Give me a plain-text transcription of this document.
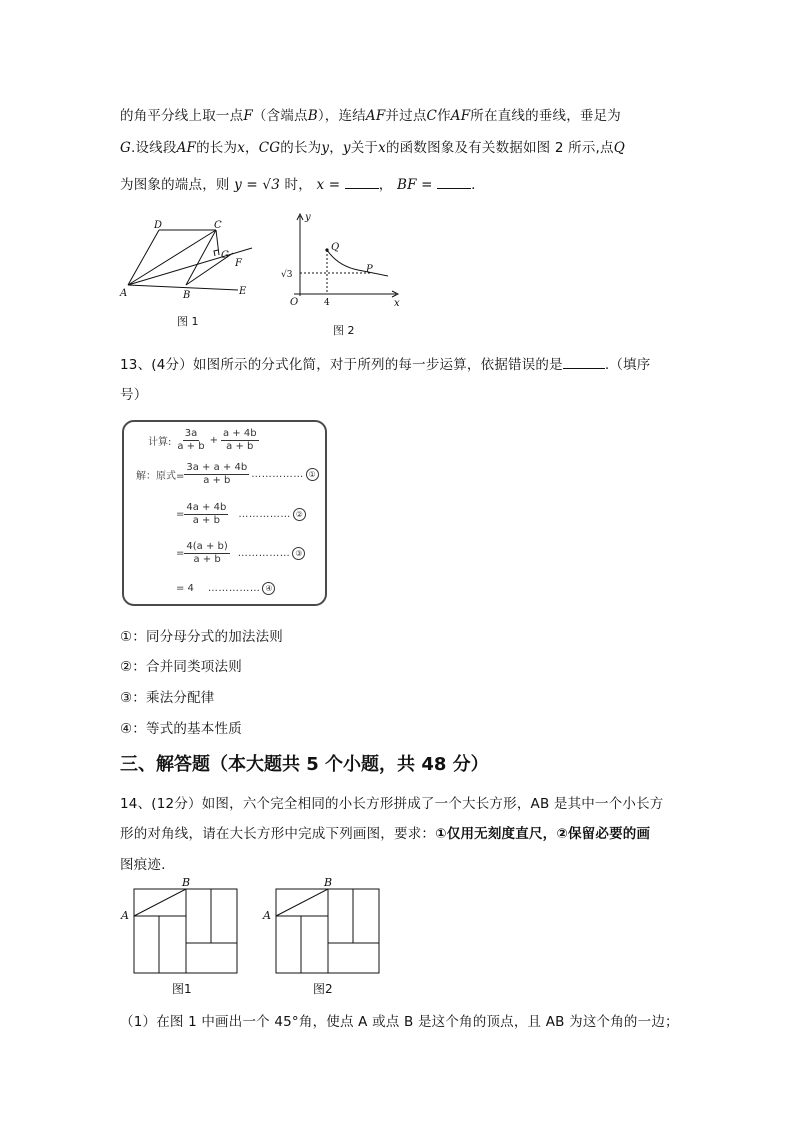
的角平分线上取一点F（含端点B），连结AF并过点C作AF所在直线的垂线，垂足为
G.设线段AF的长为x，CG的长为y，y关于x的函数图象及有关数据如图 2 所示,点Q
为图象的端点，则 y = √3 时， x =	， BF =	.
A	B
C
D
E
F
G
图 1
y
x
O
Q
P
√3
4
图 2
13、(4分）如图所示的分式化简，对于所列的每一步运算，依据错误的是	.（填序
号）
计算: $\frac{3a}{a + b} + \frac{a + 4b}{a + b}$
解：原式= $\frac{3a + a + 4b}{a + b}$ …………… ①
= $\frac{4a + 4b}{a + b}$ …………… ②
= $\frac{4(a + b)}{a + b}$ …………… ③
= 4 …………… ④
①：同分母分式的加法法则
②：合并同类项法则
③：乘法分配律
④：等式的基本性质
三、解答题（本大题共 5 个小题，共 48 分）
14、(12分）如图，六个完全相同的小长方形拼成了一个大长方形，AB 是其中一个小长方
形的对角线，请在大长方形中完成下列画图，要求：①仅用无刻度直尺，②保留必要的画
图痕迹.
A
B
图1
A
B
图2
（1）在图 1 中画出一个 45°角，使点 A 或点 B 是这个角的顶点，且 AB 为这个角的一边；
